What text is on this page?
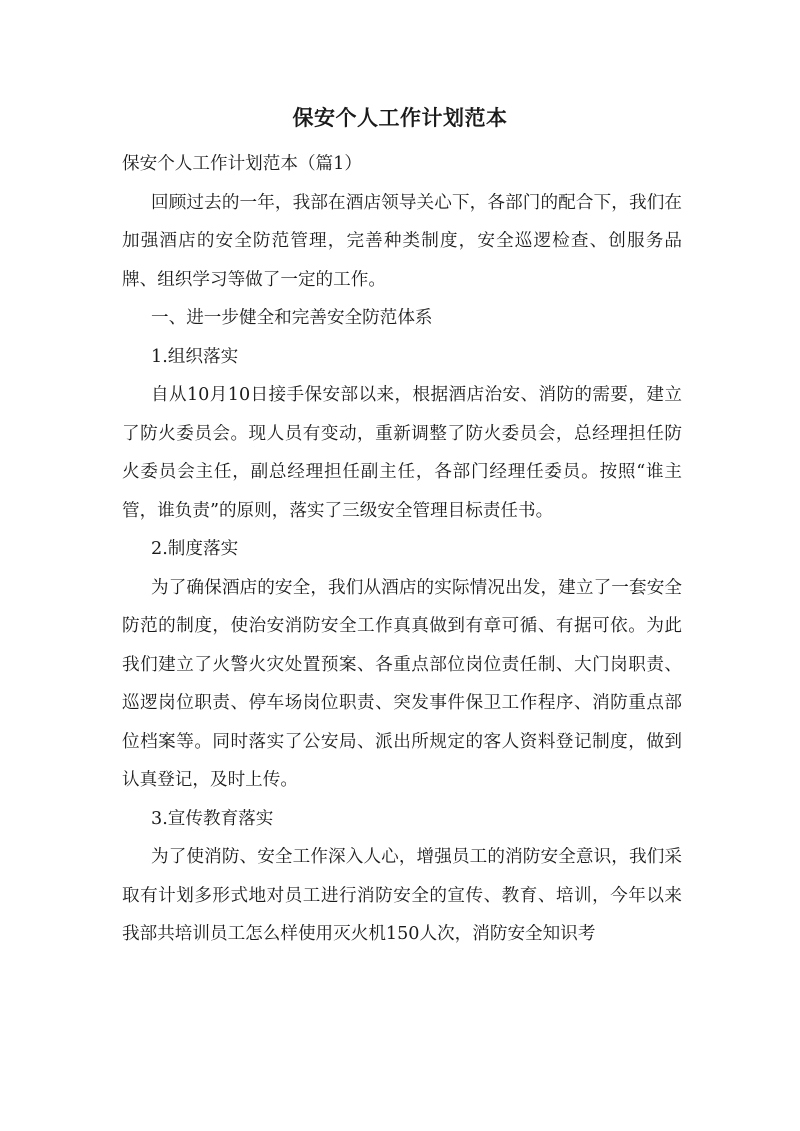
保安个人工作计划范本

保安个人工作计划范本（篇1）

回顾过去的一年，我部在酒店领导关心下，各部门的配合下，我们在加强酒店的安全防范管理，完善种类制度，安全巡逻检查、创服务品牌、组织学习等做了一定的工作。

一、进一步健全和完善安全防范体系

1.组织落实

自从10月10日接手保安部以来，根据酒店治安、消防的需要，建立了防火委员会。现人员有变动，重新调整了防火委员会，总经理担任防火委员会主任，副总经理担任副主任，各部门经理任委员。按照“谁主管，谁负责”的原则，落实了三级安全管理目标责任书。

2.制度落实

为了确保酒店的安全，我们从酒店的实际情况出发，建立了一套安全防范的制度，使治安消防安全工作真真做到有章可循、有据可依。为此我们建立了火警火灾处置预案、各重点部位岗位责任制、大门岗职责、巡逻岗位职责、停车场岗位职责、突发事件保卫工作程序、消防重点部位档案等。同时落实了公安局、派出所规定的客人资料登记制度，做到认真登记，及时上传。

3.宣传教育落实

为了使消防、安全工作深入人心，增强员工的消防安全意识，我们采取有计划多形式地对员工进行消防安全的宣传、教育、培训，今年以来我部共培训员工怎么样使用灭火机150人次，消防安全知识考
